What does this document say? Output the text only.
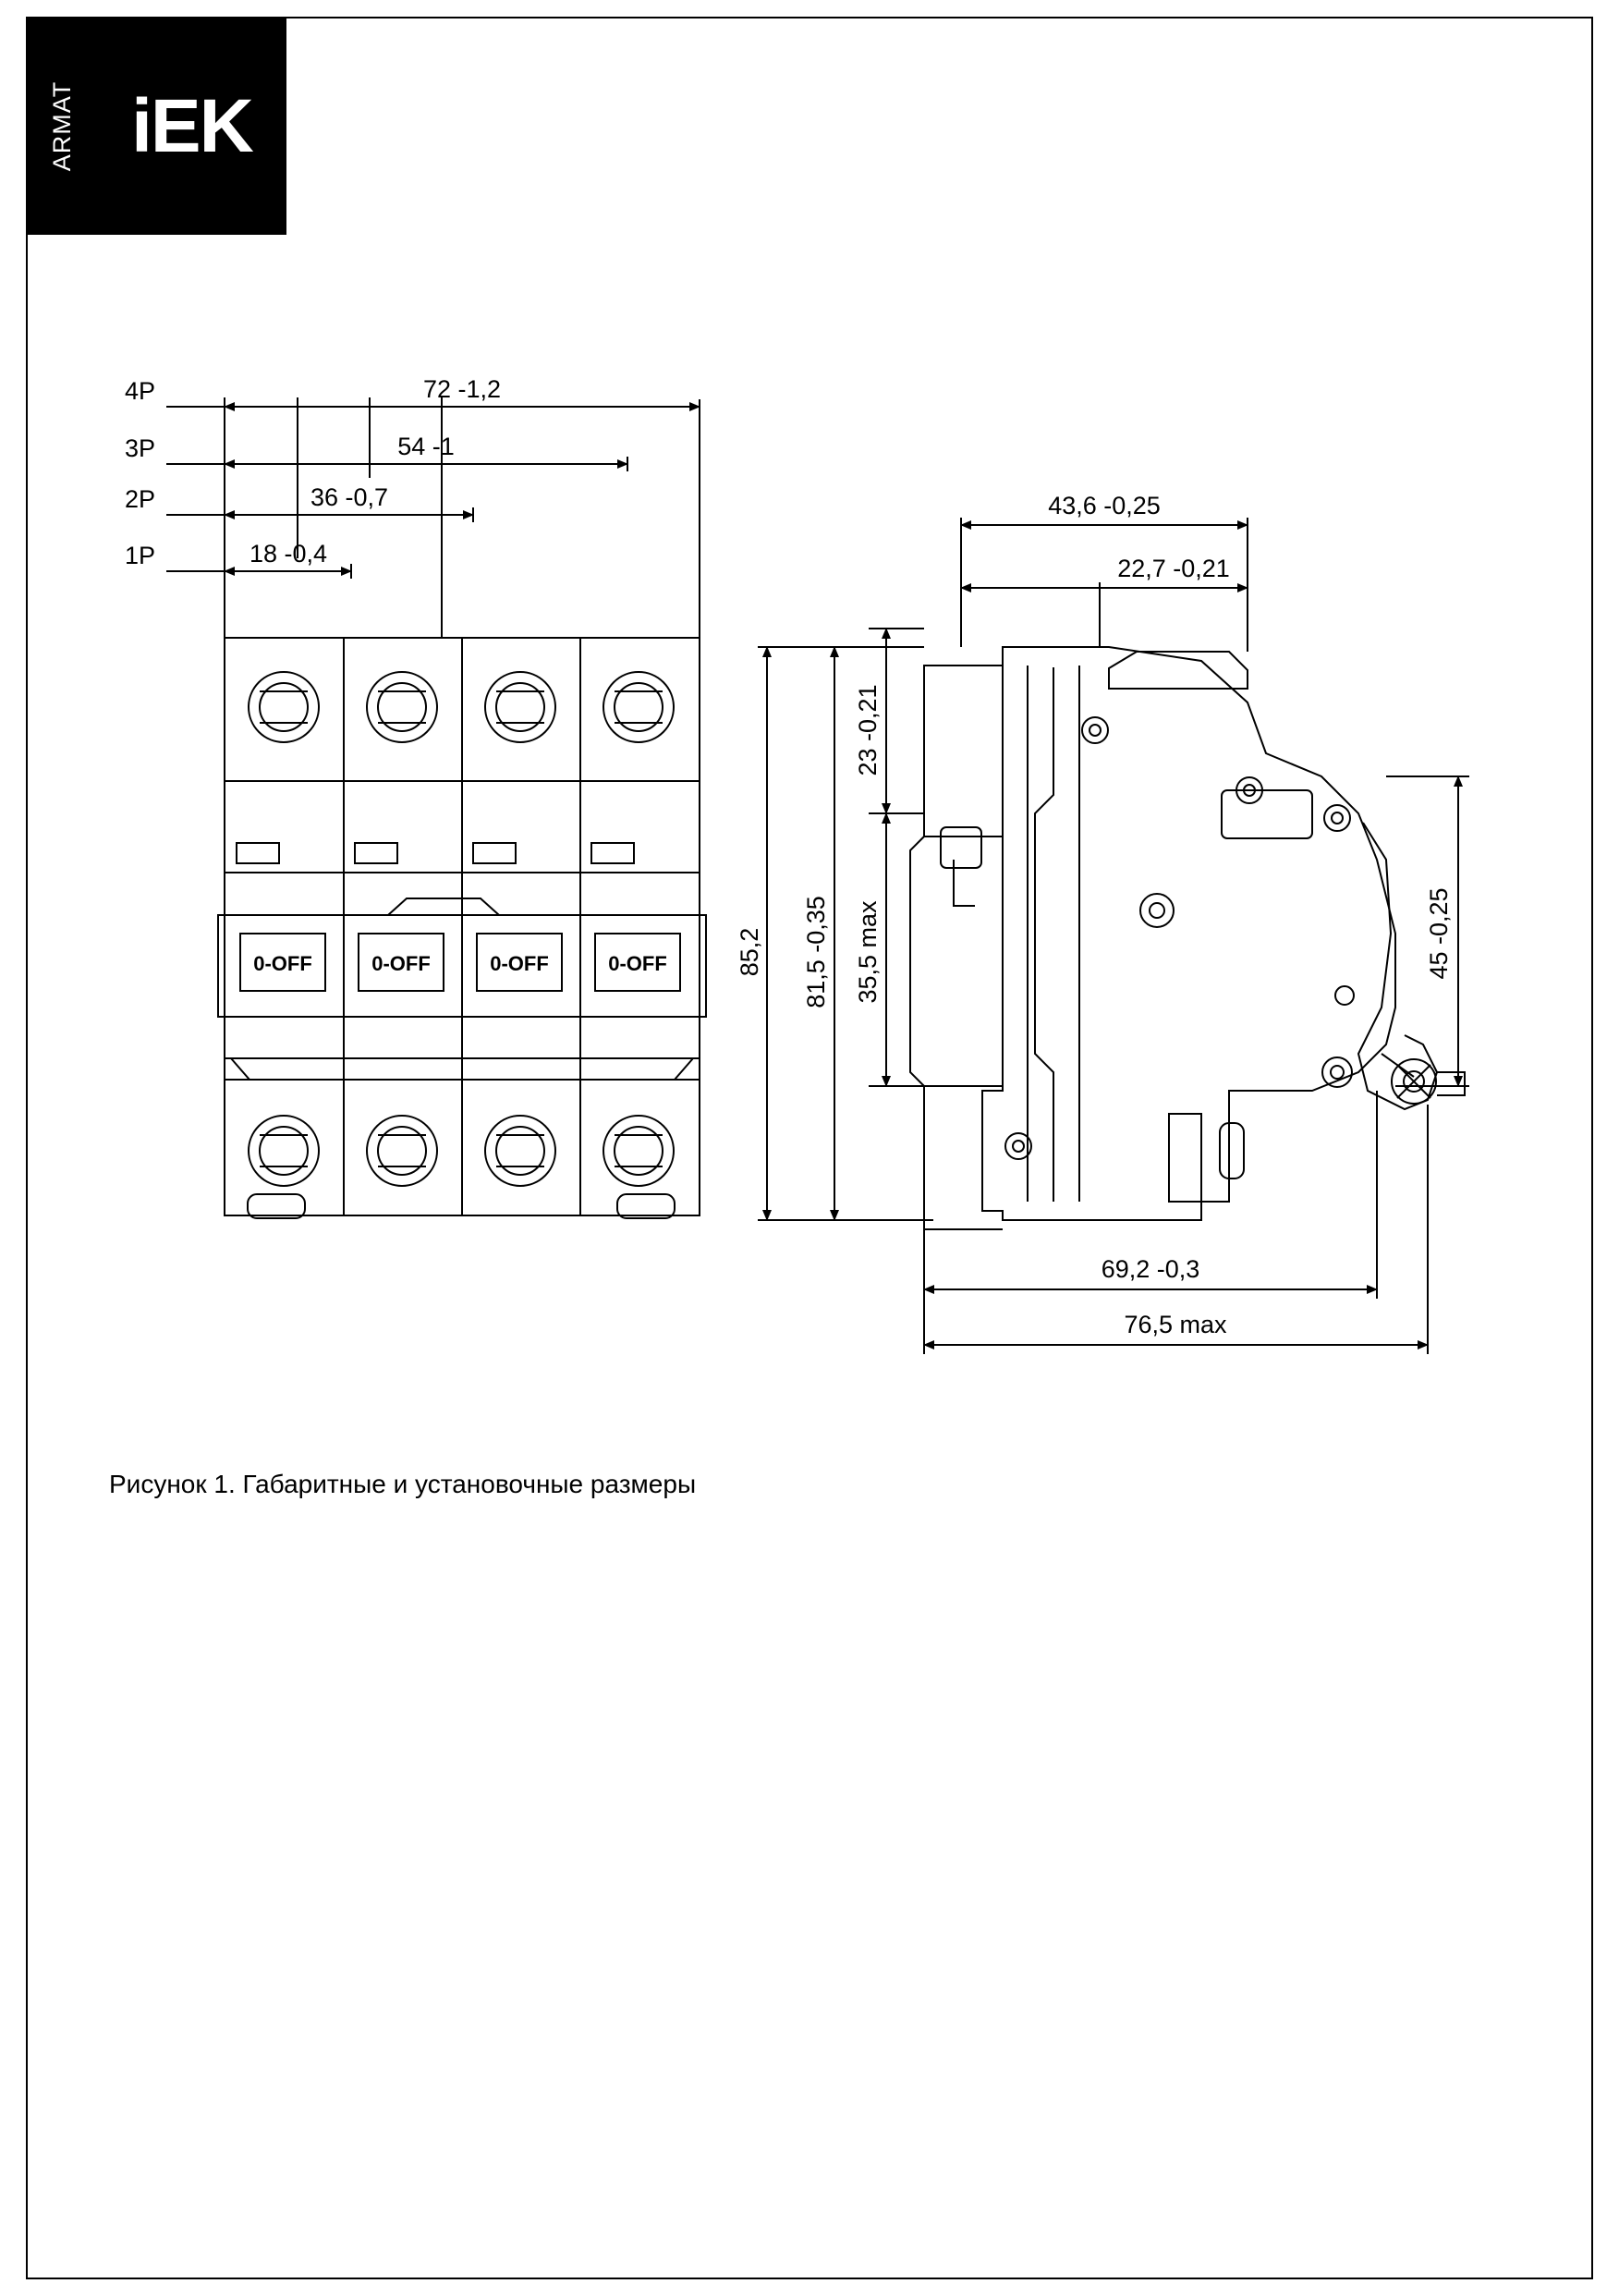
ARMAT iEK
4P
3P
2P
1P
72 -1,2
54 -1
36 -0,7
18 -0,4
0-OFF	0-OFF	0-OFF	0-OFF
43,6 -0,25
22,7 -0,21
69,2 -0,3
76,5 max
23 -0,21
35,5 max
81,5 -0,35
85,2	45 -0,25
Рисунок 1. Габаритные и установочные размеры
